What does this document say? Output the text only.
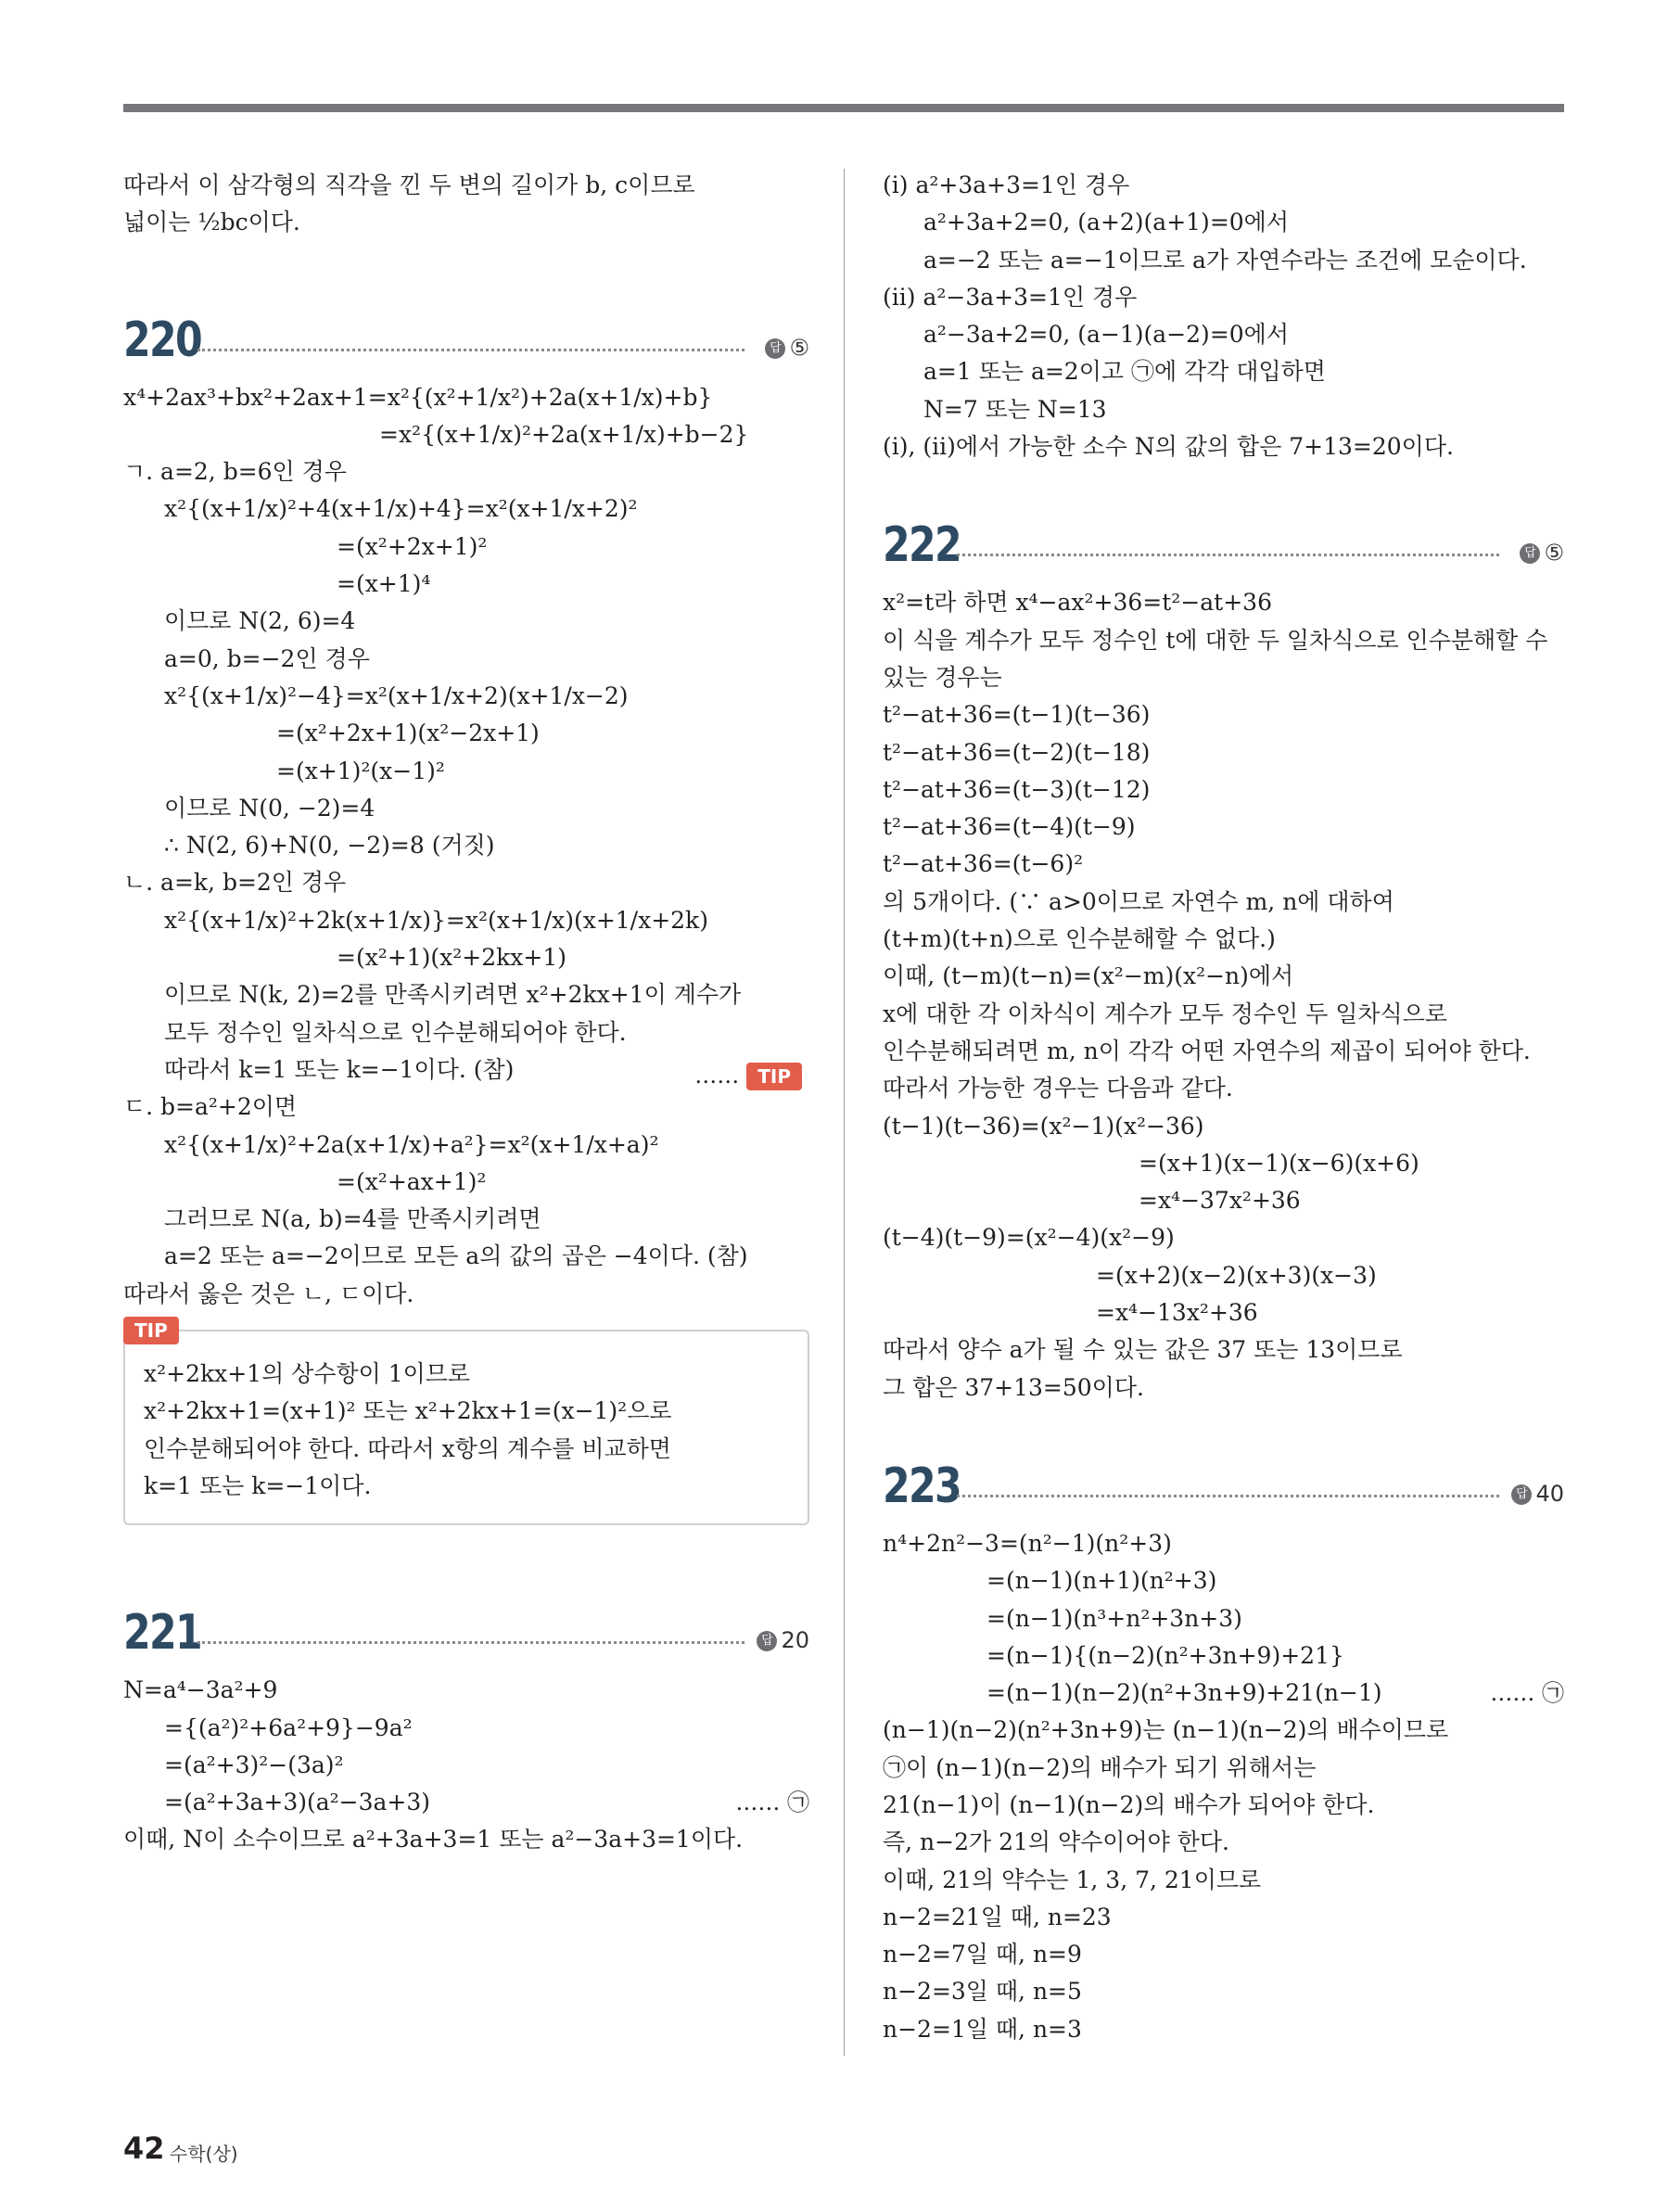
따라서 이 삼각형의 직각을 낀 두 변의 길이가 b, c이므로
넓이는 ½bc이다.
220	답 ⑤
x⁴+2ax³+bx²+2ax+1=x²{(x²+1/x²)+2a(x+1/x)+b}
=x²{(x+1/x)²+2a(x+1/x)+b−2}
ㄱ. a=2, b=6인 경우
x²{(x+1/x)²+4(x+1/x)+4}=x²(x+1/x+2)²
=(x²+2x+1)²
=(x+1)⁴
이므로 N(2, 6)=4
a=0, b=−2인 경우
x²{(x+1/x)²−4}=x²(x+1/x+2)(x+1/x−2)
=(x²+2x+1)(x²−2x+1)
=(x+1)²(x−1)²
이므로 N(0, −2)=4
∴ N(2, 6)+N(0, −2)=8 (거짓)
ㄴ. a=k, b=2인 경우
x²{(x+1/x)²+2k(x+1/x)}=x²(x+1/x)(x+1/x+2k)
=(x²+1)(x²+2kx+1)
이므로 N(k, 2)=2를 만족시키려면 x²+2kx+1이 계수가
모두 정수인 일차식으로 인수분해되어야 한다.
따라서 k=1 또는 k=−1이다. (참)	…… TIP
ㄷ. b=a²+2이면
x²{(x+1/x)²+2a(x+1/x)+a²}=x²(x+1/x+a)²
=(x²+ax+1)²
그러므로 N(a, b)=4를 만족시키려면
a=2 또는 a=−2이므로 모든 a의 값의 곱은 −4이다. (참)
따라서 옳은 것은 ㄴ, ㄷ이다.
TIP
x²+2kx+1의 상수항이 1이므로
x²+2kx+1=(x+1)² 또는 x²+2kx+1=(x−1)²으로
인수분해되어야 한다. 따라서 x항의 계수를 비교하면
k=1 또는 k=−1이다.
221	답 20
N=a⁴−3a²+9
={(a²)²+6a²+9}−9a²
=(a²+3)²−(3a)²
=(a²+3a+3)(a²−3a+3)	…… ㉠
이때, N이 소수이므로 a²+3a+3=1 또는 a²−3a+3=1이다.
(ⅰ) a²+3a+3=1인 경우
a²+3a+2=0, (a+2)(a+1)=0에서
a=−2 또는 a=−1이므로 a가 자연수라는 조건에 모순이다.
(ⅱ) a²−3a+3=1인 경우
a²−3a+2=0, (a−1)(a−2)=0에서
a=1 또는 a=2이고 ㉠에 각각 대입하면
N=7 또는 N=13
(ⅰ), (ⅱ)에서 가능한 소수 N의 값의 합은 7+13=20이다.
222	답 ⑤
x²=t라 하면 x⁴−ax²+36=t²−at+36
이 식을 계수가 모두 정수인 t에 대한 두 일차식으로 인수분해할 수
있는 경우는
t²−at+36=(t−1)(t−36)
t²−at+36=(t−2)(t−18)
t²−at+36=(t−3)(t−12)
t²−at+36=(t−4)(t−9)
t²−at+36=(t−6)²
의 5개이다. (∵ a>0이므로 자연수 m, n에 대하여
(t+m)(t+n)으로 인수분해할 수 없다.)
이때, (t−m)(t−n)=(x²−m)(x²−n)에서
x에 대한 각 이차식이 계수가 모두 정수인 두 일차식으로
인수분해되려면 m, n이 각각 어떤 자연수의 제곱이 되어야 한다.
따라서 가능한 경우는 다음과 같다.
(t−1)(t−36)=(x²−1)(x²−36)
=(x+1)(x−1)(x−6)(x+6)
=x⁴−37x²+36
(t−4)(t−9)=(x²−4)(x²−9)
=(x+2)(x−2)(x+3)(x−3)
=x⁴−13x²+36
따라서 양수 a가 될 수 있는 값은 37 또는 13이므로
그 합은 37+13=50이다.
223	답 40
n⁴+2n²−3=(n²−1)(n²+3)
=(n−1)(n+1)(n²+3)
=(n−1)(n³+n²+3n+3)
=(n−1){(n−2)(n²+3n+9)+21}
=(n−1)(n−2)(n²+3n+9)+21(n−1)	…… ㉠
(n−1)(n−2)(n²+3n+9)는 (n−1)(n−2)의 배수이므로
㉠이 (n−1)(n−2)의 배수가 되기 위해서는
21(n−1)이 (n−1)(n−2)의 배수가 되어야 한다.
즉, n−2가 21의 약수이어야 한다.
이때, 21의 약수는 1, 3, 7, 21이므로
n−2=21일 때, n=23
n−2=7일 때, n=9
n−2=3일 때, n=5
n−2=1일 때, n=3
42 수학(상)
